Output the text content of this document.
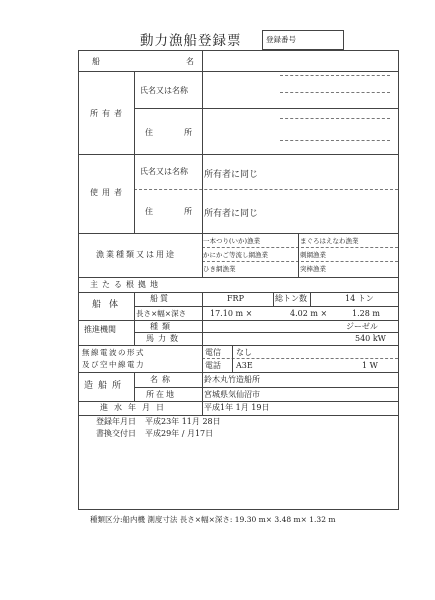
動力漁船登録票	登録番号
船	名
所有者
氏名又は名称
住	所
使用者
氏名又は名称 所有者に同じ
住	所 所有者に同じ
漁業種類又は用途
一本つり(いか)漁業	まぐろはえなわ漁業
かにかご等流し網漁業	刺網漁業
ひき網漁業	突棒漁業
主たる根拠地
船体
船質	FRP	総トン数	14 トン
長さ×幅×深さ	17.10 m ×	4.02 m ×	1.28 m
推進機関	種類	ジーゼル
馬力数	540 kW
無線電波の形式
及び空中線電力
電信 なし
電話 A3E	1 W
造船所
名称	鈴木丸竹造船所
所在地	宮城県気仙沼市
進水年月日	平成1年 1月 19日
登録年月日 平成23年 11月 28日
書換交付日 平成29年 / 月17日
種類区分:船内機 測度寸法 長さ×幅×深さ: 19.30 m× 3.48 m× 1.32 m
